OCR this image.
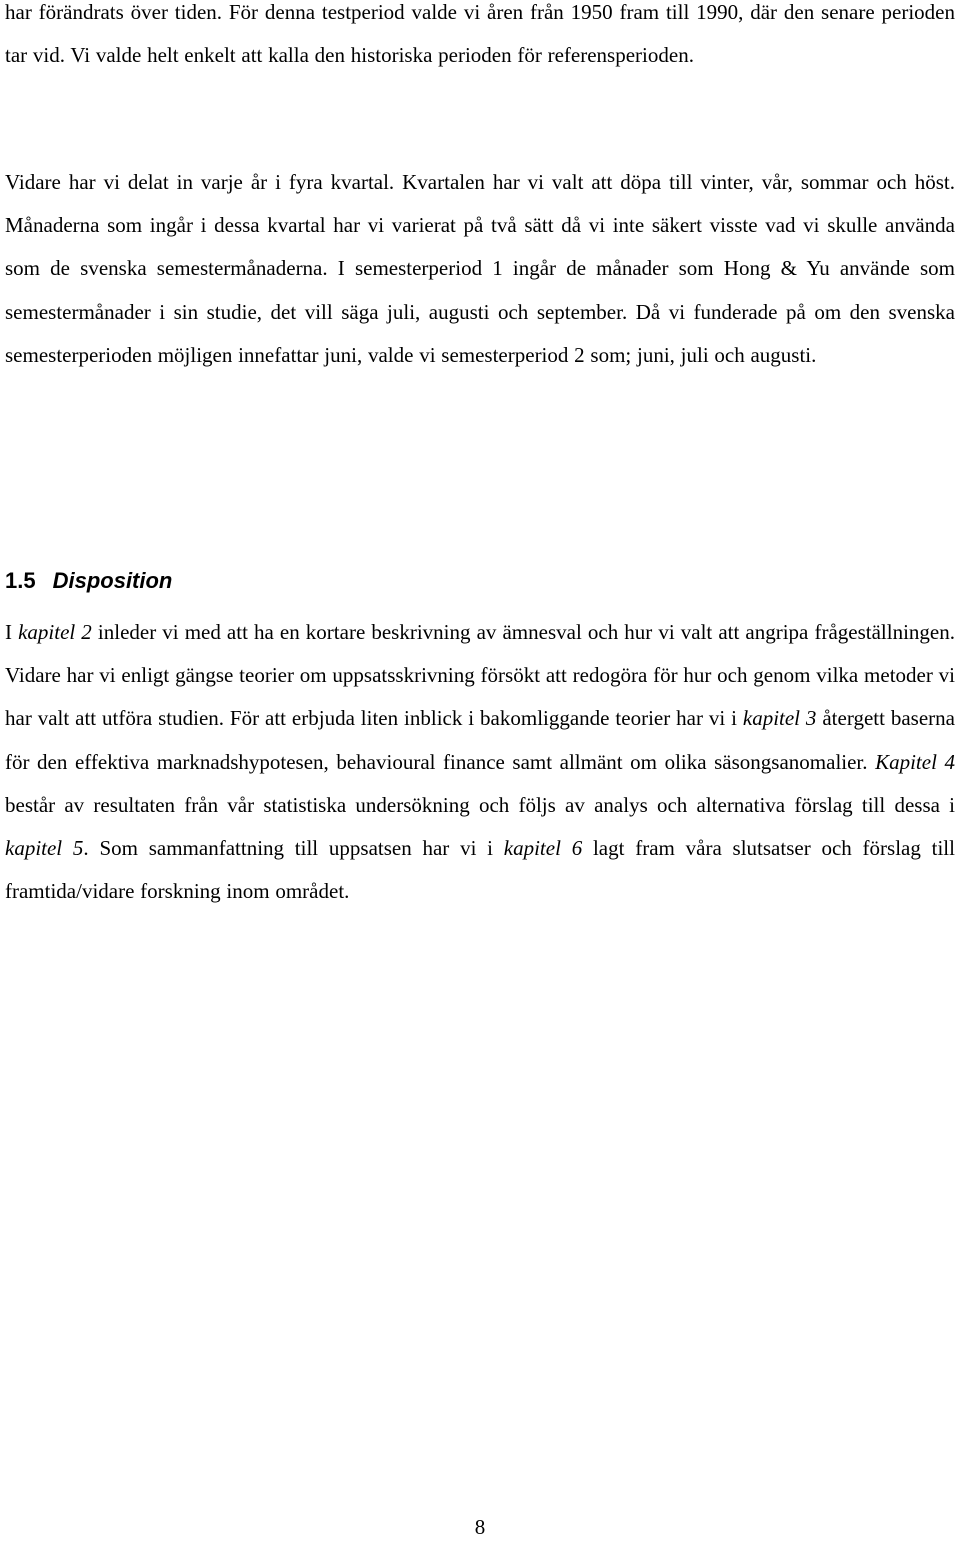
har förändrats över tiden. För denna testperiod valde vi åren från 1950 fram till 1990, där den senare perioden tar vid. Vi valde helt enkelt att kalla den historiska perioden för referensperioden.

Vidare har vi delat in varje år i fyra kvartal. Kvartalen har vi valt att döpa till vinter, vår, sommar och höst. Månaderna som ingår i dessa kvartal har vi varierat på två sätt då vi inte säkert visste vad vi skulle använda som de svenska semestermånaderna. I semesterperiod 1 ingår de månader som Hong & Yu använde som semestermånader i sin studie, det vill säga juli, augusti och september. Då vi funderade på om den svenska semesterperioden möjligen innefattar juni, valde vi semesterperiod 2 som; juni, juli och augusti.

1.5 Disposition

I kapitel 2 inleder vi med att ha en kortare beskrivning av ämnesval och hur vi valt att angripa frågeställningen. Vidare har vi enligt gängse teorier om uppsatsskrivning försökt att redogöra för hur och genom vilka metoder vi har valt att utföra studien. För att erbjuda liten inblick i bakomliggande teorier har vi i kapitel 3 återgett baserna för den effektiva marknadshypotesen, behavioural finance samt allmänt om olika säsongsanomalier. Kapitel 4 består av resultaten från vår statistiska undersökning och följs av analys och alternativa förslag till dessa i kapitel 5. Som sammanfattning till uppsatsen har vi i kapitel 6 lagt fram våra slutsatser och förslag till framtida/vidare forskning inom området.

8
